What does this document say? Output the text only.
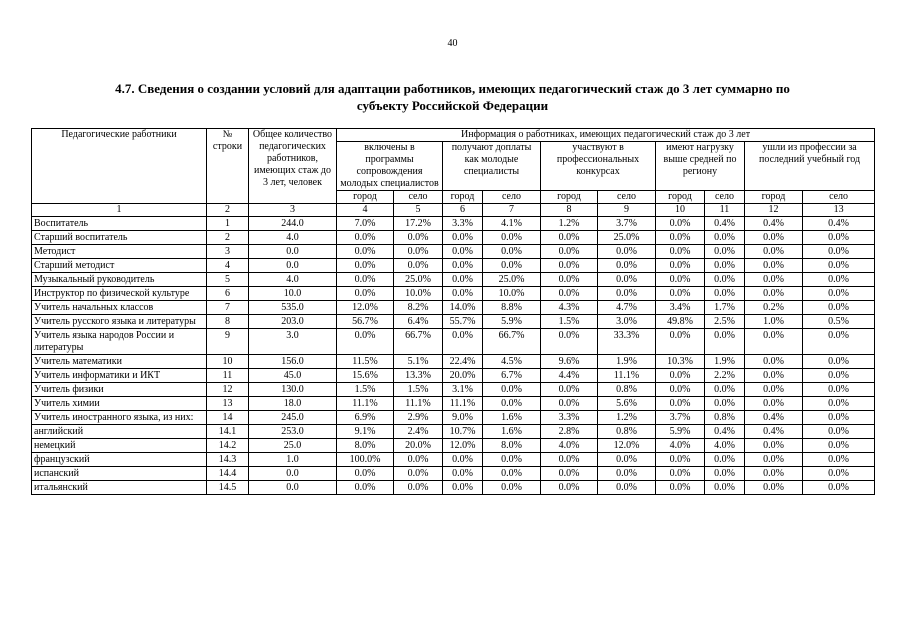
40
4.7. Сведения о создании условий для адаптации работников, имеющих педагогический стаж до 3 лет суммарно по
субъекту Российской Федерации
Педагогические работники	№ строки	Общее количество педагогических работников, имеющих стаж до 3 лет, человек	Информация о работниках, имеющих педагогический стаж до 3 лет									
			включены в программы сопровождения молодых специалистов		получают доплаты как молодые специалисты		участвуют в профессиональных конкурсах		имеют нагрузку выше средней по региону		ушли из профессии за последний учебный год	
			город	село	город	село	город	село	город	село	город	село
1	2	3	4	5	6	7	8	9	10	11	12	13
Воспитатель	1	244.0	7.0%	17.2%	3.3%	4.1%	1.2%	3.7%	0.0%	0.4%	0.4%	0.4%
Старший воспитатель	2	4.0	0.0%	0.0%	0.0%	0.0%	0.0%	25.0%	0.0%	0.0%	0.0%	0.0%
Методист	3	0.0	0.0%	0.0%	0.0%	0.0%	0.0%	0.0%	0.0%	0.0%	0.0%	0.0%
Старший методист	4	0.0	0.0%	0.0%	0.0%	0.0%	0.0%	0.0%	0.0%	0.0%	0.0%	0.0%
Музыкальный руководитель	5	4.0	0.0%	25.0%	0.0%	25.0%	0.0%	0.0%	0.0%	0.0%	0.0%	0.0%
Инструктор по физической культуре	6	10.0	0.0%	10.0%	0.0%	10.0%	0.0%	0.0%	0.0%	0.0%	0.0%	0.0%
Учитель начальных классов	7	535.0	12.0%	8.2%	14.0%	8.8%	4.3%	4.7%	3.4%	1.7%	0.2%	0.0%
Учитель русского языка и литературы	8	203.0	56.7%	6.4%	55.7%	5.9%	1.5%	3.0%	49.8%	2.5%	1.0%	0.5%
Учитель языка народов России и литературы	9	3.0	0.0%	66.7%	0.0%	66.7%	0.0%	33.3%	0.0%	0.0%	0.0%	0.0%
Учитель математики	10	156.0	11.5%	5.1%	22.4%	4.5%	9.6%	1.9%	10.3%	1.9%	0.0%	0.0%
Учитель информатики и ИКТ	11	45.0	15.6%	13.3%	20.0%	6.7%	4.4%	11.1%	0.0%	2.2%	0.0%	0.0%
Учитель физики	12	130.0	1.5%	1.5%	3.1%	0.0%	0.0%	0.8%	0.0%	0.0%	0.0%	0.0%
Учитель химии	13	18.0	11.1%	11.1%	11.1%	0.0%	0.0%	5.6%	0.0%	0.0%	0.0%	0.0%
Учитель иностранного языка, из них:	14	245.0	6.9%	2.9%	9.0%	1.6%	3.3%	1.2%	3.7%	0.8%	0.4%	0.0%
английский	14.1	253.0	9.1%	2.4%	10.7%	1.6%	2.8%	0.8%	5.9%	0.4%	0.4%	0.0%
немецкий	14.2	25.0	8.0%	20.0%	12.0%	8.0%	4.0%	12.0%	4.0%	4.0%	0.0%	0.0%
французский	14.3	1.0	100.0%	0.0%	0.0%	0.0%	0.0%	0.0%	0.0%	0.0%	0.0%	0.0%
испанский	14.4	0.0	0.0%	0.0%	0.0%	0.0%	0.0%	0.0%	0.0%	0.0%	0.0%	0.0%
итальянский	14.5	0.0	0.0%	0.0%	0.0%	0.0%	0.0%	0.0%	0.0%	0.0%	0.0%	0.0%
